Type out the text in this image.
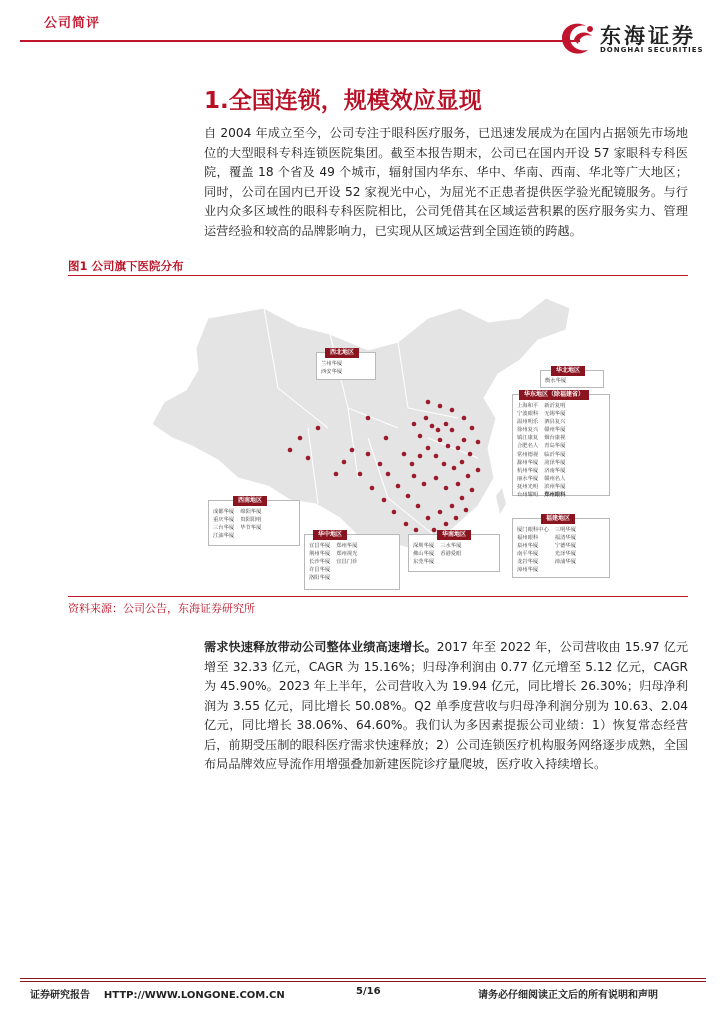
公司简评
东海证券
DONGHAI SECURITIES
1.全国连锁，规模效应显现
自 2004 年成立至今，公司专注于眼科医疗服务，已迅速发展成为在国内占据领先市场地位的大型眼科专科连锁医院集团。截至本报告期末，公司已在国内开设 57 家眼科专科医院，覆盖 18 个省及 49 个城市，辐射国内华东、华中、华南、西南、华北等广大地区；同时，公司在国内已开设 52 家视光中心，为屈光不正患者提供医学验光配镜服务。与行业内众多区域性的眼科专科医院相比，公司凭借其在区域运营积累的医疗服务实力、管理运营经验和较高的品牌影响力，已实现从区域运营到全国连锁的跨越。
图1 公司旗下医院分布
西北地区
兰州华厦
西安华厦	华北地区
衡水华厦
华东地区（除福建省）
上海和平
宁波眼科
温州明乐
徐州复兴
镇江康复
合肥名人
常州德视
滁州华厦
杭州华厦
丽水华厦
抚州光明
台州耀明
新沂复明
无锡华厦
泗县复兴
赣州华厦
烟台康视
青岛华厦
临沂华厦
菏泽华厦
济南华厦
赣州名人
滨州华厦
郑州眼科
西南地区
成都华厦
重庆华厦
三台华厦
江油华厦
绵阳华厦
贵阳阳明
毕节华厦
华中地区
宜昌华厦
荆州华厦
长沙华厦
许昌华厦
洛阳华厦
郑州华厦
郑州视光
宜昌门诊
华南地区
深圳华厦
佛山华厦
东莞华厦
三水华厦
香港爱眼
福建地区
厦门眼科中心
福州眼科
泉州华厦
南平华厦
龙岩华厦
漳州华厦
三明华厦
福清华厦
宁德华厦
光泽华厦
漳浦华厦
资料来源：公司公告，东海证券研究所
需求快速释放带动公司整体业绩高速增长。2017 年至 2022 年，公司营收由 15.97 亿元增至 32.33 亿元，CAGR 为 15.16%；归母净利润由 0.77 亿元增至 5.12 亿元，CAGR 为 45.90%。2023 年上半年，公司营收入为 19.94 亿元，同比增长 26.30%；归母净利润为 3.55 亿元，同比增长 50.08%。Q2 单季度营收与归母净利润分别为 10.63、2.04 亿元，同比增长 38.06%、64.60%。我们认为多因素提振公司业绩：1）恢复常态经营后，前期受压制的眼科医疗需求快速释放；2）公司连锁医疗机构服务网络逐步成熟，全国布局品牌效应导流作用增强叠加新建医院诊疗量爬坡，医疗收入持续增长。
证券研究报告    HTTP://WWW.LONGONE.COM.CN	5/16	请务必仔细阅读正文后的所有说明和声明
